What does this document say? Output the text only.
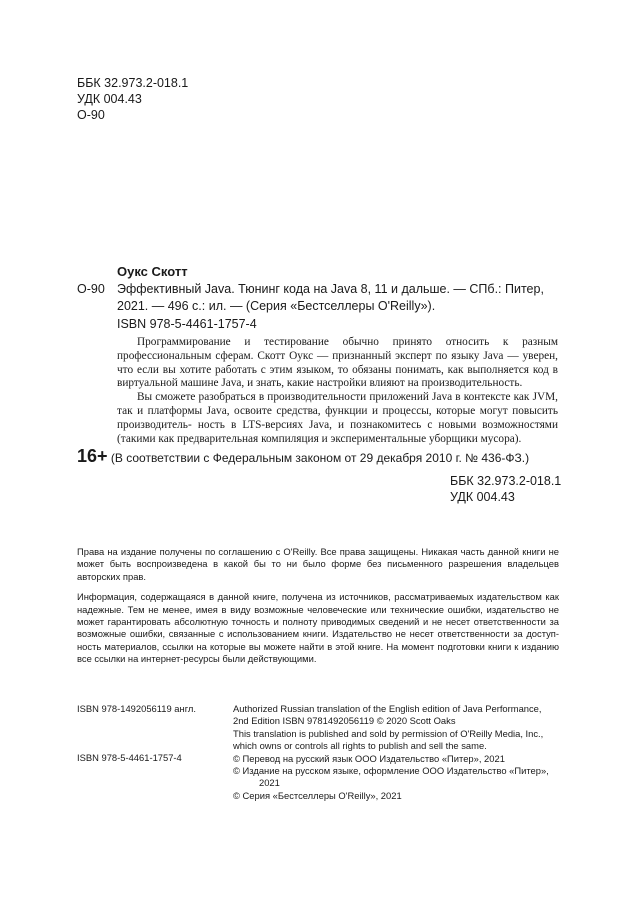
ББК 32.973.2-018.1
УДК 004.43
О-90
Оукс Скотт
О-90 Эффективный Java. Тюнинг кода на Java 8, 11 и дальше. — СПб.: Питер,
2021. — 496 с.: ил. — (Серия «Бестселлеры O'Reilly»).
ISBN 978-5-4461-1757-4

Программирование и тестирование обычно принято относить к разным профессиональным сферам. Скотт Оукс — признанный эксперт по языку Java — уверен, что если вы хотите работать с этим языком, то обязаны понимать, как выполняется код в виртуальной машине Java, и знать, какие настройки влияют на производительность.

Вы сможете разобраться в производительности приложений Java в контексте как JVM, так и платформы Java, освоите средства, функции и процессы, которые могут повысить производитель- ность в LTS-версиях Java, и познакомитесь с новыми возможностями (такими как предварительная компиляция и экспериментальные уборщики мусора).

16+ (В соответствии с Федеральным законом от 29 декабря 2010 г. № 436-ФЗ.)
ББК 32.973.2-018.1
УДК 004.43

Права на издание получены по соглашению с O'Reilly. Все права защищены. Никакая часть данной книги не может быть воспроизведена в какой бы то ни было форме без письменного разрешения владельцев авторских прав.

Информация, содержащаяся в данной книге, получена из источников, рассматриваемых издательством как надежные. Тем не менее, имея в виду возможные человеческие или технические ошибки, издательство не может гарантировать абсолютную точность и полноту приводимых сведений и не несет ответственности за возможные ошибки, связанные с использованием книги. Издательство не несет ответственности за доступ- ность материалов, ссылки на которые вы можете найти в этой книге. На момент подготовки книги к изданию все ссылки на интернет-ресурсы были действующими.

ISBN 978-1492056119 англ.
ISBN 978-5-4461-1757-4
Authorized Russian translation of the English edition of Java Performance,
2nd Edition ISBN 9781492056119 © 2020 Scott Oaks
This translation is published and sold by permission of O'Reilly Media, Inc.,
which owns or controls all rights to publish and sell the same.
© Перевод на русский язык ООО Издательство «Питер», 2021
© Издание на русском языке, оформление ООО Издательство «Питер»,
2021
© Серия «Бестселлеры O'Reilly», 2021
